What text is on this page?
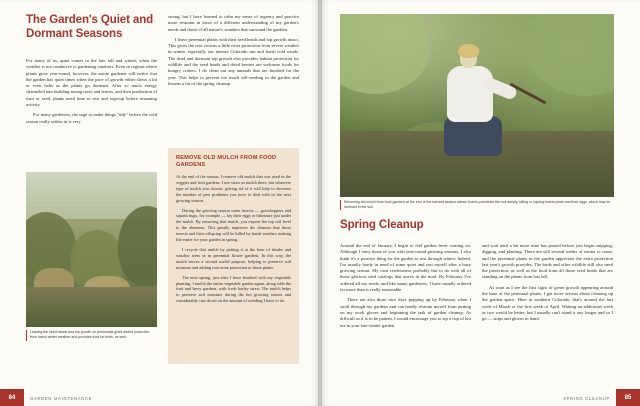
The Garden's Quiet and Dormant Seasons

For many of us, quiet comes in the late fall and winter, when the weather is not conducive to gardening outdoors. Even in regions where plants grow year-round, however, the astute gardener will notice that the garden has quiet times when the pace of growth either slows a bit or even halts as the plants go dormant. After so much energy channeled into building strong roots and leaves, and then production of fruit or seed, plants need time to rest and regroup before resuming activity.

For many gardeners, the urge to make things "tidy" before the cold season really settles in is very

strong, but I have learned to calm my sense of urgency and practice more restraint in favor of a different understanding of my garden's needs and those of all nature's wonders that surround the gardens.

I leave perennial plants with their seed heads and top growth intact. This gives the root crowns a little extra protection from severe weather in winter, especially our intense Colorado sun and harsh cold winds. The dead and dormant top growth also provides habitat protection for wildlife and the seed heads and dried berries are welcome foods for hungry critters. I do clean out any annuals that are finished for the year. This helps to prevent too much self-seeding in the garden and lessens a bit of the spring cleanup.

Leaving the seed heads and top growth on perennials gives added protection from harsh winter weather and provides food for birds, as well.
REMOVE OLD MULCH FROM FOOD GARDENS

At the end of the season, I remove old mulch that was used in the veggies and fruit gardens. I use straw as mulch there, but whatever type of mulch you choose, getting rid of it will help to decrease the number of pest problems you have to deal with in the next growing season.

During the growing season some insects — grasshoppers and squash bugs, for example — lay their eggs or hibernate just under the mulch. By removing that mulch, you expose the top soil level to the elements. This greatly improves the chances that those insects and their offspring will be killed by harsh weather, making life easier for your garden in spring.

I recycle that mulch by putting it at the base of shrubs and window trees or in perennial flower gardens. In this way, the mulch serves a second useful purpose, helping to preserve soil moisture and adding root-zone protection to those plants.

The next spring, just after I have finished with my vegetable planting, I mulch the entire vegetable garden again, along with the fruit and berry gardens, with fresh barley straw. The mulch helps to preserve soil moisture during the hot growing season and considerably cuts down on the amount of weeding I have to do.

84	GARDEN MAINTENANCE
Removing old mulch from food gardens at the end of the harvest season allows frost to penetrate the soil deeply, killing or injuring insect pests and their eggs, which may be dormant in the soil.
Spring Cleanup

Around the end of January, I begin to feel garden fever coming on. Although I envy those of you with year-round growing seasons, I also think it's a positive thing for the garden to rest through winter. Indeed, I'm usually hardy in need of some quiet and rest myself after a busy growing season. My own restlessness probably has to do with all of those glorious seed catalogs that arrive in the mail. By February I've ordered all my seeds, and like many gardeners, I have usually ordered far more than is really reasonable.

There are also those nice days popping up by February when I stroll through my gardens and can hardly restrain myself from putting on my work gloves and beginning the task of garden cleanup. As difficult as it is to be patient, I would encourage you to sip a cup of hot tea in your late-winter garden

and wait until a bit more time has passed before you begin snipping, digging, and planting. There are still several weeks of winter to come, and the perennial plants in the garden appreciate the extra protection last year's growth provides. The birds and other wildlife still also need the protection, as well as the food from all those seed heads that are standing on the plants from last fall.

As soon as I see the first signs of green growth appearing around the base of the perennial plants, I get more serious about cleaning up the garden space. Here in southern Colorado, that's around the last week of March or the first week of April. Waiting an additional week or two would be better, but I usually can't stand it any longer and so I go — snips and gloves in hand.

85
SPRING CLEANUP
